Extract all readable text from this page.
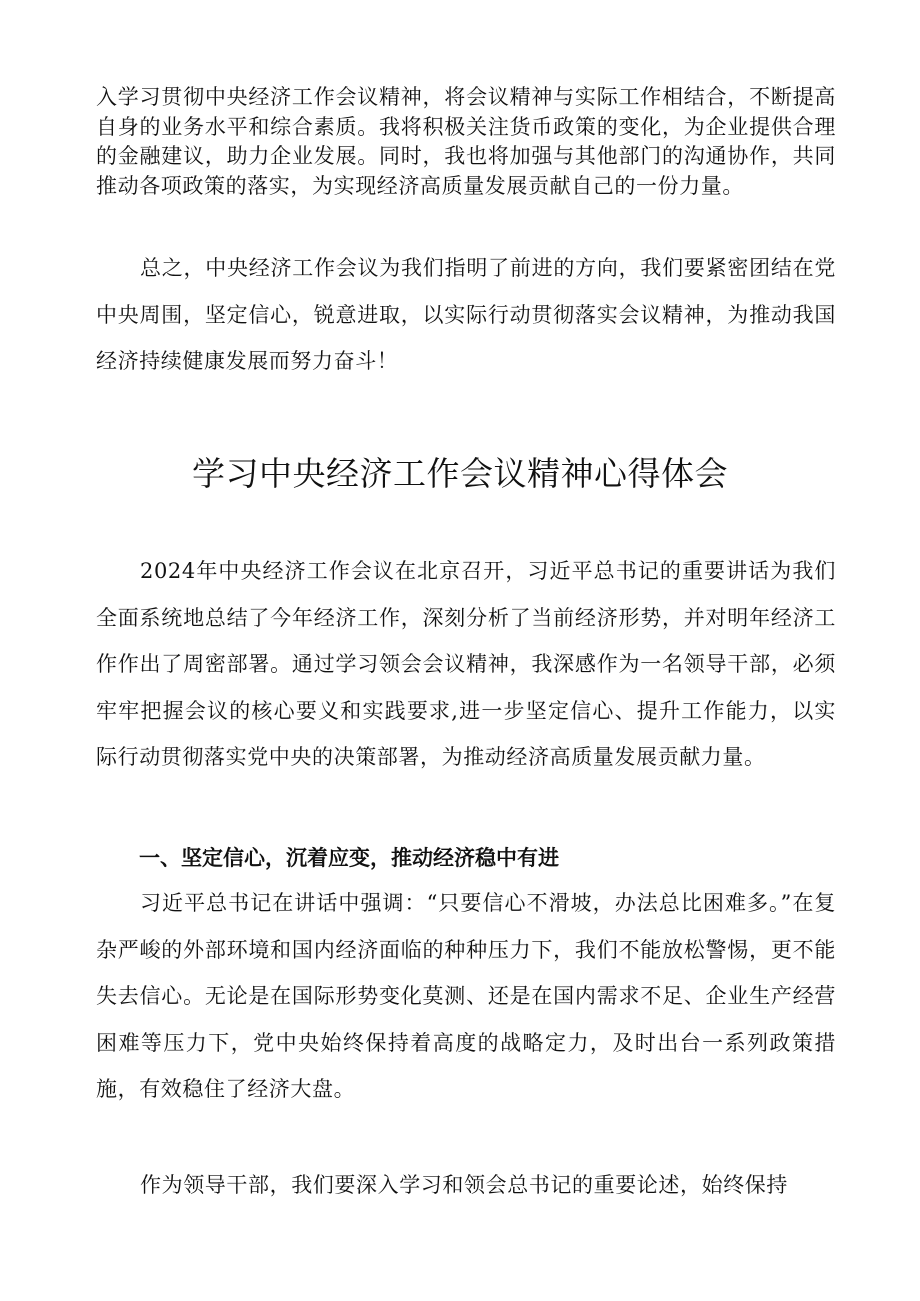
入学习贯彻中央经济工作会议精神，将会议精神与实际工作相结合，不断提高自身的业务水平和综合素质。我将积极关注货币政策的变化，为企业提供合理的金融建议，助力企业发展。同时，我也将加强与其他部门的沟通协作，共同推动各项政策的落实，为实现经济高质量发展贡献自己的一份力量。

总之，中央经济工作会议为我们指明了前进的方向，我们要紧密团结在党中央周围，坚定信心，锐意进取，以实际行动贯彻落实会议精神，为推动我国经济持续健康发展而努力奋斗！

学习中央经济工作会议精神心得体会

2024年中央经济工作会议在北京召开，习近平总书记的重要讲话为我们全面系统地总结了今年经济工作，深刻分析了当前经济形势，并对明年经济工作作出了周密部署。通过学习领会会议精神，我深感作为一名领导干部，必须牢牢把握会议的核心要义和实践要求,进一步坚定信心、提升工作能力，以实际行动贯彻落实党中央的决策部署，为推动经济高质量发展贡献力量。

一、坚定信心，沉着应变，推动经济稳中有进

习近平总书记在讲话中强调：“只要信心不滑坡，办法总比困难多。”在复杂严峻的外部环境和国内经济面临的种种压力下，我们不能放松警惕，更不能失去信心。无论是在国际形势变化莫测、还是在国内需求不足、企业生产经营困难等压力下，党中央始终保持着高度的战略定力，及时出台一系列政策措施，有效稳住了经济大盘。

作为领导干部，我们要深入学习和领会总书记的重要论述，始终保持
